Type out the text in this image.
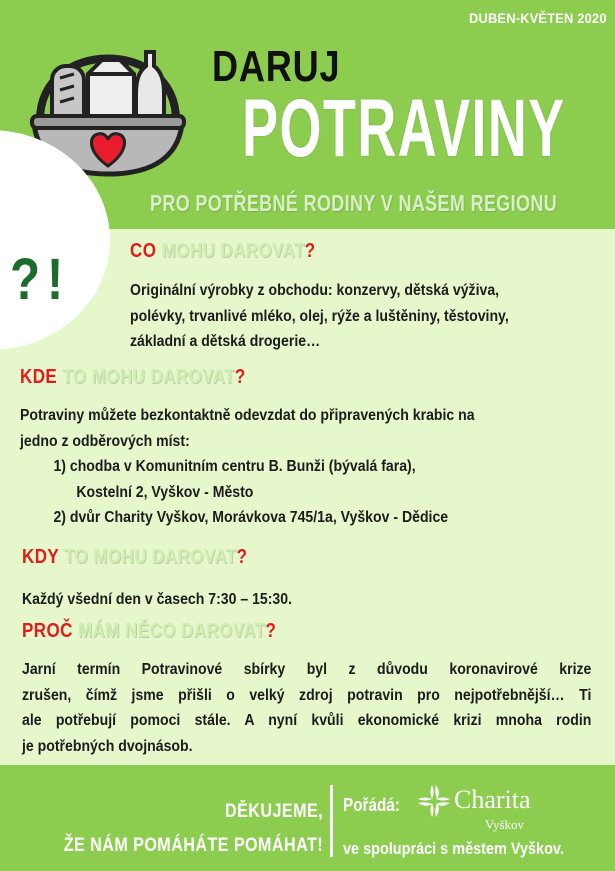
DUBEN-KVĚTEN 2020
DARUJ
POTRAVINY
PRO POTŘEBNÉ RODINY V NAŠEM REGIONU
?!	CO MOHU DAROVAT?
Originální výrobky z obchodu: konzervy, dětská výživa,
polévky, trvanlivé mléko, olej, rýže a luštěniny, těstoviny,
základní a dětská drogerie…
KDE TO MOHU DAROVAT?
Potraviny můžete bezkontaktně odevzdat do připravených krabic na
jedno z odběrových míst:
1) chodba v Komunitním centru B. Bunži (bývalá fara),
Kostelní 2, Vyškov - Město
2) dvůr Charity Vyškov, Morávkova 745/1a, Vyškov - Dědice
KDY TO MOHU DAROVAT?
Každý všední den v časech 7:30 – 15:30.
PROČ MÁM NĚCO DAROVAT?
Jarní termín Potravinové sbírky byl z důvodu koronavirové krize
zrušen, čímž jsme přišli o velký zdroj potravin pro nejpotřebnější… Ti
ale potřebují pomoci stále. A nyní kvůli ekonomické krizi mnoha rodin
je potřebných dvojnásob.
DĚKUJEME,
ŽE NÁM POMÁHÁTE POMÁHAT!
Pořádá: Charita
Vyškov
ve spolupráci s městem Vyškov.
